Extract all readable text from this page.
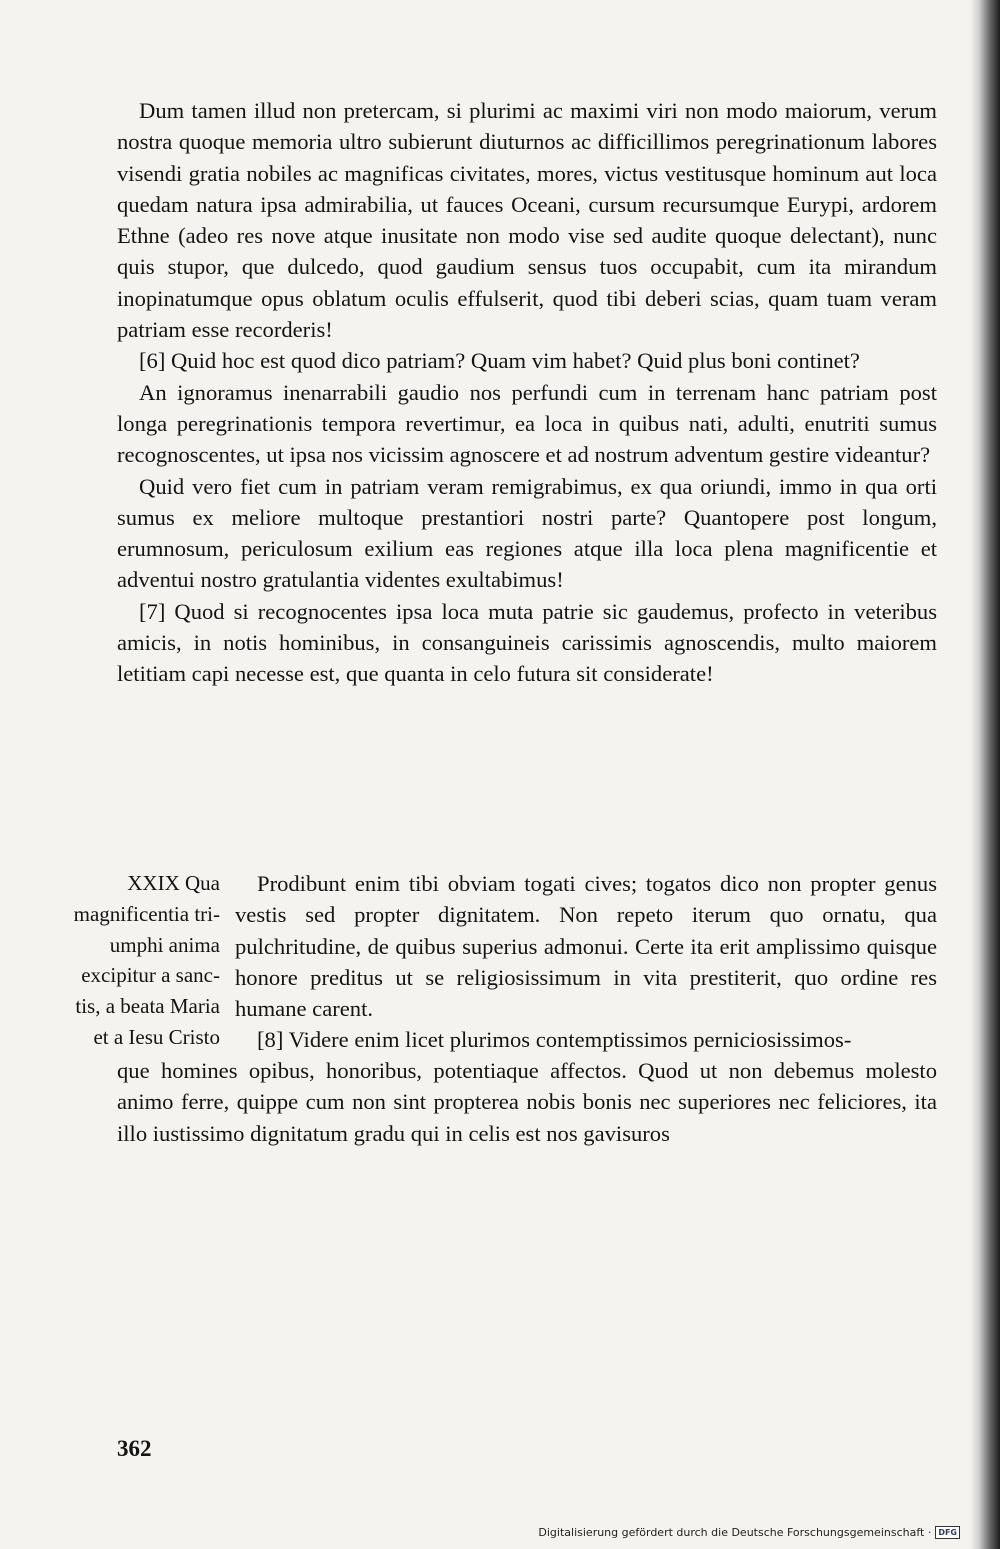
Dum tamen illud non pretercam, si plurimi ac maximi viri non modo maiorum, verum nostra quoque memoria ultro subierunt diuturnos ac difficillimos peregrinationum labores visendi gratia nobiles ac magnificas civitates, mores, victus vestitusque hominum aut loca quedam natura ipsa admirabilia, ut fauces Oceani, cursum recursumque Eurypi, ardorem Ethne (adeo res nove atque inusitate non modo vise sed audite quoque delectant), nunc quis stupor, que dulcedo, quod gaudium sensus tuos occupabit, cum ita mirandum inopinatumque opus oblatum oculis effulserit, quod tibi deberi scias, quam tuam veram patriam esse recorderis!

[6] Quid hoc est quod dico patriam? Quam vim habet? Quid plus boni continet?

An ignoramus inenarrabili gaudio nos perfundi cum in terrenam hanc patriam post longa peregrinationis tempora revertimur, ea loca in quibus nati, adulti, enutriti sumus recognoscentes, ut ipsa nos vicissim agnoscere et ad nostrum adventum gestire videantur?

Quid vero fiet cum in patriam veram remigrabimus, ex qua oriundi, immo in qua orti sumus ex meliore multoque prestantiori nostri parte? Quantopere post longum, erumnosum, periculosum exilium eas regiones atque illa loca plena magnificentie et adventui nostro gratulantia videntes exultabimus!

[7] Quod si recognocentes ipsa loca muta patrie sic gaudemus, profecto in veteribus amicis, in notis hominibus, in consanguineis carissimis agnoscendis, multo maiorem letitiam capi necesse est, que quanta in celo futura sit considerate!

XXIX Qua
magnificentia tri-
umphi anima
excipitur a sanc-
tis, a beata Maria
et a Iesu Cristo

Prodibunt enim tibi obviam togati cives; togatos dico non propter genus vestis sed propter dignitatem. Non repeto iterum quo ornatu, qua pulchritudine, de quibus superius admonui. Certe ita erit amplissimo quisque honore preditus ut se religiosissimum in vita prestiterit, quo ordine res humane carent.

[8] Videre enim licet plurimos contemptissimos perniciosissimos-

que homines opibus, honoribus, potentiaque affectos. Quod ut non debemus molesto animo ferre, quippe cum non sint propterea nobis bonis nec superiores nec feliciores, ita illo iustissimo dignitatum gradu qui in celis est nos gavisuros

362
Digitalisierung gefördert durch die Deutsche Forschungsgemeinschaft · DFG
